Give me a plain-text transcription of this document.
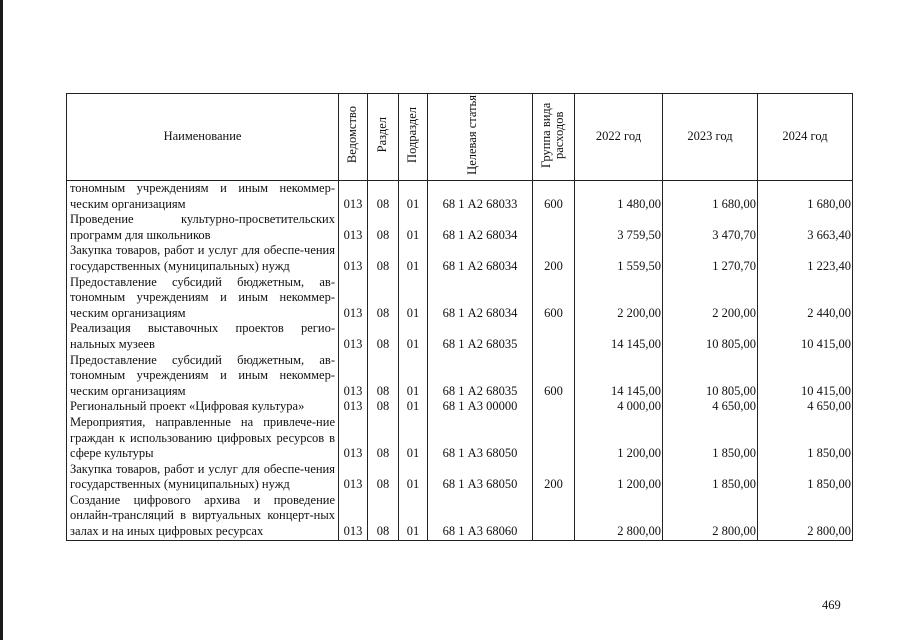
Наименование	Ведомство	Раздел	Подраздел	Целевая статья	Группа вида расходов	2022 год	2023 год	2024 год
тономным учреждениям и иным некоммер-ческим организациям	013	08	01	68 1 А2 68033	600	1 480,00	1 680,00	1 680,00
Проведение культурно-просветительских программ для школьников	013	08	01	68 1 А2 68034		3 759,50	3 470,70	3 663,40
Закупка товаров, работ и услуг для обеспе-чения государственных (муниципальных) нужд	013	08	01	68 1 А2 68034	200	1 559,50	1 270,70	1 223,40
Предоставление субсидий бюджетным, ав-тономным учреждениям и иным некоммер-ческим организациям	013	08	01	68 1 А2 68034	600	2 200,00	2 200,00	2 440,00
Реализация выставочных проектов регио-нальных музеев	013	08	01	68 1 А2 68035		14 145,00	10 805,00	10 415,00
Предоставление субсидий бюджетным, ав-тономным учреждениям и иным некоммер-ческим организациям	013	08	01	68 1 А2 68035	600	14 145,00	10 805,00	10 415,00
Региональный проект «Цифровая культура»	013	08	01	68 1 А3 00000		4 000,00	4 650,00	4 650,00
Мероприятия, направленные на привлече-ние граждан к использованию цифровых ресурсов в сфере культуры	013	08	01	68 1 А3 68050		1 200,00	1 850,00	1 850,00
Закупка товаров, работ и услуг для обеспе-чения государственных (муниципальных) нужд	013	08	01	68 1 А3 68050	200	1 200,00	1 850,00	1 850,00
Создание цифрового архива и проведение онлайн-трансляций в виртуальных концерт-ных залах и на иных цифровых ресурсах	013	08	01	68 1 А3 68060		2 800,00	2 800,00	2 800,00
469
